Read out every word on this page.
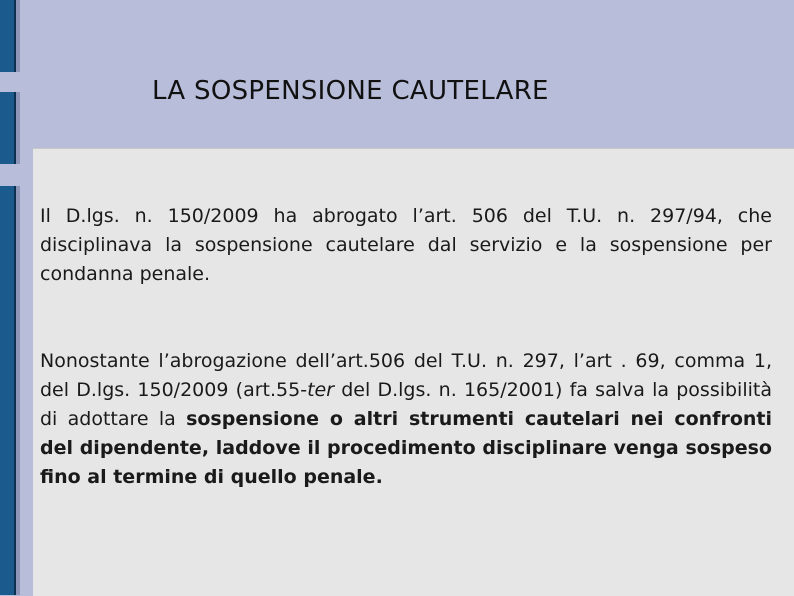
LA SOSPENSIONE CAUTELARE
Il D.lgs. n. 150/2009 ha abrogato l’art. 506 del T.U. n. 297/94, che disciplinava la sospensione cautelare dal servizio e la sospensione per condanna penale.
Nonostante l’abrogazione dell’art.506 del T.U. n. 297, l’art . 69, comma 1, del D.lgs. 150/2009 (art.55-ter del D.lgs. n. 165/2001) fa salva la possibilità di adottare la sospensione o altri strumenti cautelari nei confronti del dipendente, laddove il procedimento disciplinare venga sospeso fino al termine di quello penale.
